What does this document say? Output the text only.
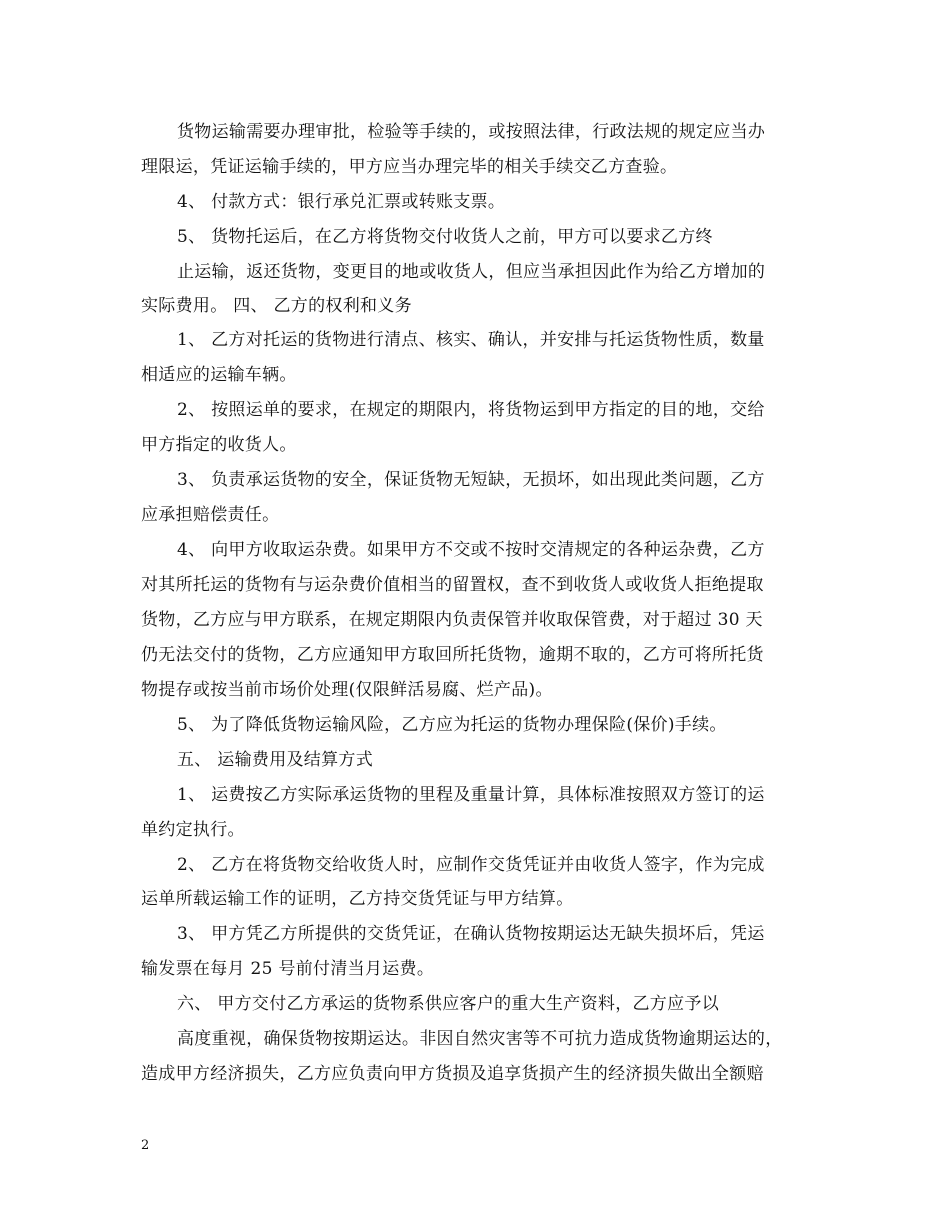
货物运输需要办理审批，检验等手续的，或按照法律，行政法规的规定应当办
理限运，凭证运输手续的，甲方应当办理完毕的相关手续交乙方查验。
4、 付款方式：银行承兑汇票或转账支票。
5、 货物托运后，在乙方将货物交付收货人之前，甲方可以要求乙方终
止运输，返还货物，变更目的地或收货人，但应当承担因此作为给乙方增加的
实际费用。 四、 乙方的权利和义务
1、 乙方对托运的货物进行清点、核实、确认，并安排与托运货物性质，数量
相适应的运输车辆。
2、 按照运单的要求，在规定的期限内，将货物运到甲方指定的目的地，交给
甲方指定的收货人。
3、 负责承运货物的安全，保证货物无短缺，无损坏，如出现此类问题，乙方
应承担赔偿责任。
4、 向甲方收取运杂费。如果甲方不交或不按时交清规定的各种运杂费，乙方
对其所托运的货物有与运杂费价值相当的留置权，查不到收货人或收货人拒绝提取
货物，乙方应与甲方联系，在规定期限内负责保管并收取保管费，对于超过 30 天
仍无法交付的货物，乙方应通知甲方取回所托货物，逾期不取的，乙方可将所托货
物提存或按当前市场价处理(仅限鲜活易腐、烂产品)。
5、 为了降低货物运输风险，乙方应为托运的货物办理保险(保价)手续。
五、 运输费用及结算方式
1、 运费按乙方实际承运货物的里程及重量计算，具体标准按照双方签订的运
单约定执行。
2、 乙方在将货物交给收货人时，应制作交货凭证并由收货人签字，作为完成
运单所载运输工作的证明，乙方持交货凭证与甲方结算。
3、 甲方凭乙方所提供的交货凭证，在确认货物按期运达无缺失损坏后，凭运
输发票在每月 25 号前付清当月运费。
六、 甲方交付乙方承运的货物系供应客户的重大生产资料，乙方应予以
高度重视，确保货物按期运达。非因自然灾害等不可抗力造成货物逾期运达的，
造成甲方经济损失，乙方应负责向甲方货损及追享货损产生的经济损失做出全额赔
2
